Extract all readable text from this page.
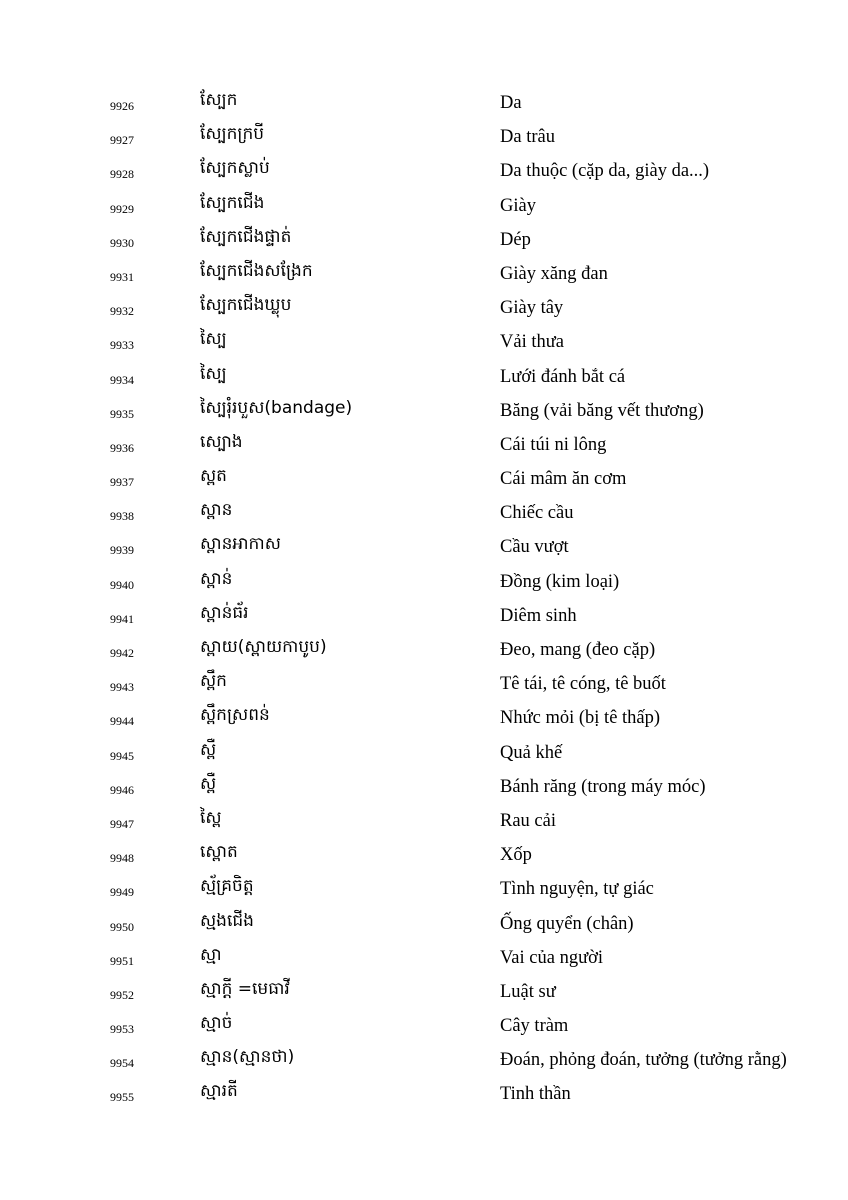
9926	ស្បែក	Da
9927	ស្បែកក្របី	Da trâu
9928	ស្បែកស្លាប់	Da thuộc (cặp da, giày da...)
9929	ស្បែកជើង	Giày
9930	ស្បែកជើងផ្ទាត់	Dép
9931	ស្បែកជើងសង្រែក	Giày xăng đan
9932	ស្បែកជើងឃ្លុប	Giày tây
9933	ស្បៃ	Vải thưa
9934	ស្បៃ	Lưới đánh bắt cá
9935	ស្បៃរុំរបួស(bandage)	Băng (vải băng vết thương)
9936	ស្បោង	Cái túi ni lông
9937	ស្ពត	Cái mâm ăn cơm
9938	ស្ពាន	Chiếc cầu
9939	ស្ពានអាកាស	Cầu vượt
9940	ស្ពាន់	Đồng (kim loại)
9941	ស្ពាន់ធ័រ	Diêm sinh
9942	ស្ពាយ(ស្ពាយកាបូប)	Đeo, mang (đeo cặp)
9943	ស្ពឹក	Tê tái, tê cóng, tê buốt
9944	ស្ពឹកស្រពន់	Nhức mỏi (bị tê thấp)
9945	ស្ពឺ	Quả khế
9946	ស្ពឺ	Bánh răng (trong máy móc)
9947	ស្ពៃ	Rau cải
9948	ស្ពោត	Xốp
9949	ស្ម័គ្រចិត្ត	Tình nguyện, tự giác
9950	ស្មងជើង	Ống quyển (chân)
9951	ស្មា	Vai của người
9952	ស្មាក្តី =មេធាវី	Luật sư
9953	ស្មាច់	Cây tràm
9954	ស្មាន(ស្មានថា)	Đoán, phỏng đoán, tưởng (tưởng rằng)
9955	ស្មារតី	Tinh thần
